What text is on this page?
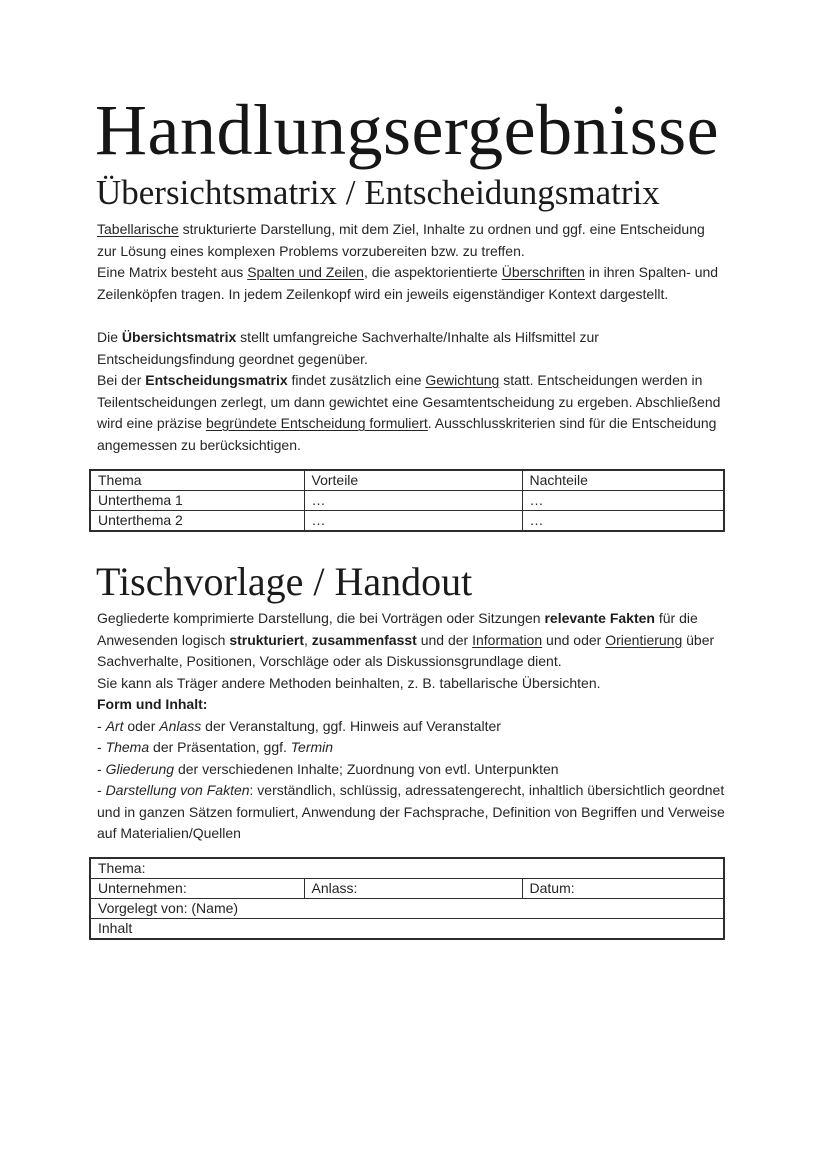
Handlungsergebnisse
Übersichtsmatrix / Entscheidungsmatrix
Tabellarische strukturierte Darstellung, mit dem Ziel, Inhalte zu ordnen und ggf. eine Entscheidung
zur Lösung eines komplexen Problems vorzubereiten bzw. zu treffen.
Eine Matrix besteht aus Spalten und Zeilen, die aspektorientierte Überschriften in ihren Spalten- und
Zeilenköpfen tragen. In jedem Zeilenkopf wird ein jeweils eigenständiger Kontext dargestellt.
Die Übersichtsmatrix stellt umfangreiche Sachverhalte/Inhalte als Hilfsmittel zur
Entscheidungsfindung geordnet gegenüber.
Bei der Entscheidungsmatrix findet zusätzlich eine Gewichtung statt. Entscheidungen werden in
Teilentscheidungen zerlegt, um dann gewichtet eine Gesamtentscheidung zu ergeben. Abschließend
wird eine präzise begründete Entscheidung formuliert. Ausschlusskriterien sind für die Entscheidung
angemessen zu berücksichtigen.
Thema	Vorteile	Nachteile
Unterthema 1	…	…
Unterthema 2	…	…
Tischvorlage / Handout
Gegliederte komprimierte Darstellung, die bei Vorträgen oder Sitzungen relevante Fakten für die
Anwesenden logisch strukturiert, zusammenfasst und der Information und oder Orientierung über
Sachverhalte, Positionen, Vorschläge oder als Diskussionsgrundlage dient.
Sie kann als Träger andere Methoden beinhalten, z. B. tabellarische Übersichten.
Form und Inhalt:
- Art oder Anlass der Veranstaltung, ggf. Hinweis auf Veranstalter
- Thema der Präsentation, ggf. Termin
- Gliederung der verschiedenen Inhalte; Zuordnung von evtl. Unterpunkten
- Darstellung von Fakten: verständlich, schlüssig, adressatengerecht, inhaltlich übersichtlich geordnet
und in ganzen Sätzen formuliert, Anwendung der Fachsprache, Definition von Begriffen und Verweise
auf Materialien/Quellen
Thema:
Unternehmen:	Anlass:	Datum:
Vorgelegt von: (Name)
Inhalt
